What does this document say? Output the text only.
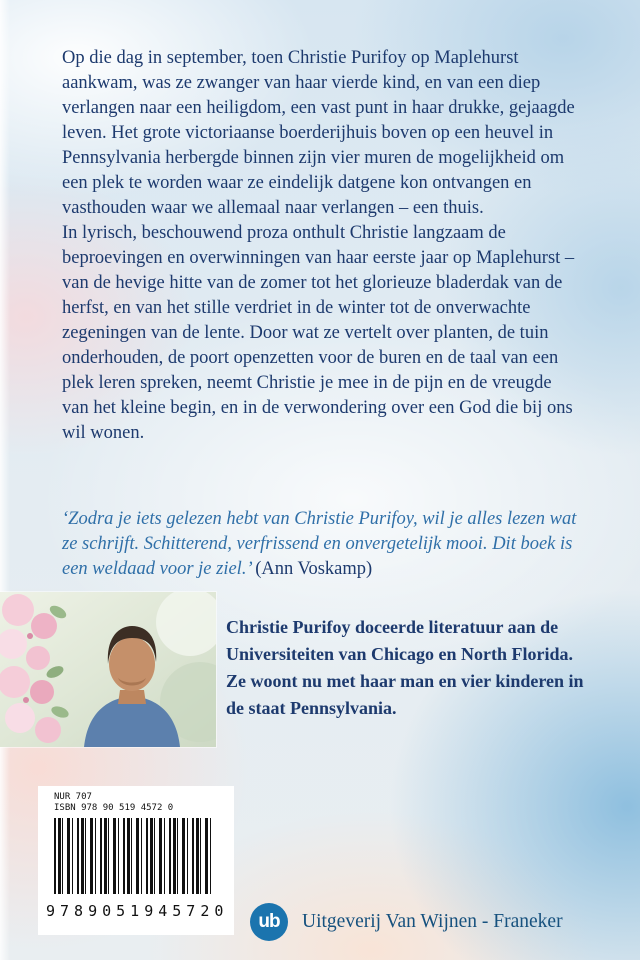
Op die dag in september, toen Christie Purifoy op Maplehurst aankwam, was ze zwanger van haar vierde kind, en van een diep verlangen naar een heiligdom, een vast punt in haar drukke, gejaagde leven. Het grote victoriaanse boerderijhuis boven op een heuvel in Pennsylvania herbergde binnen zijn vier muren de mogelijkheid om een plek te worden waar ze eindelijk datgene kon ontvangen en vasthouden waar we allemaal naar verlangen – een thuis.

In lyrisch, beschouwend proza onthult Christie langzaam de beproevingen en overwinningen van haar eerste jaar op Maplehurst – van de hevige hitte van de zomer tot het glorieuze bladerdak van de herfst, en van het stille verdriet in de winter tot de onverwachte zegeningen van de lente. Door wat ze vertelt over planten, de tuin onderhouden, de poort openzetten voor de buren en de taal van een plek leren spreken, neemt Christie je mee in de pijn en de vreugde van het kleine begin, en in de verwondering over een God die bij ons wil wonen.

‘Zodra je iets gelezen hebt van Christie Purifoy, wil je alles lezen wat ze schrijft. Schitterend, verfrissend en onvergetelijk mooi. Dit boek is een weldaad voor je ziel.’ (Ann Voskamp)

Christie Purifoy doceerde literatuur aan de Universiteiten van Chicago en North Florida. Ze woont nu met haar man en vier kinderen in de staat Pennsylvania.

NUR 707
ISBN 978 90 519 4572 0
9789051945720	ub	Uitgeverij Van Wijnen - Franeker
